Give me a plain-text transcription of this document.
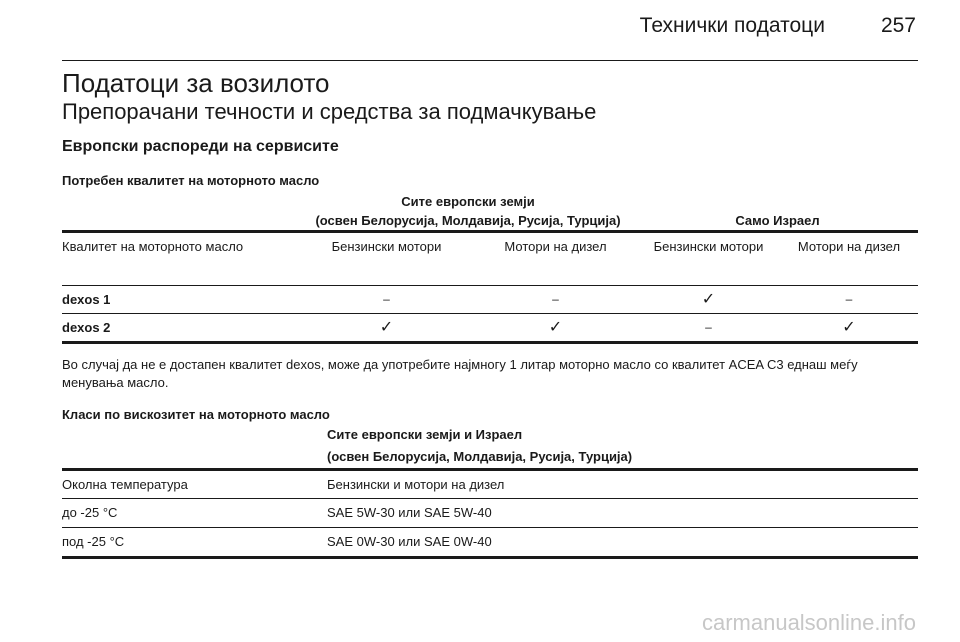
Технички податоци	257
Податоци за возилото
Препорачани течности и средства за подмачкување
Европски распореди на сервисите
Потребен квалитет на моторното масло
	Сите европски земји			
	(освен Белорусија, Молдавија, Русија, Турција)		Само Израел	
Квалитет на моторното масло	Бензински мотори	Мотори на дизел	Бензински мотори	Мотори на дизел
dexos 1	–	–	✓	–
dexos 2	✓	✓	–	✓
Во случај да не е достапен квалитет dexos, може да употребите најмногу 1 литар моторно масло со квалитет ACEA C3 еднаш меѓу менувања масло.
Класи по вискозитет на моторното масло
	Сите европски земји и Израел
	(освен Белорусија, Молдавија, Русија, Турција)
Околна температура	Бензински и мотори на дизел
до -25 °C	SAE 5W-30 или SAE 5W-40
под -25 °C	SAE 0W-30 или SAE 0W-40
carmanualsonline.info
